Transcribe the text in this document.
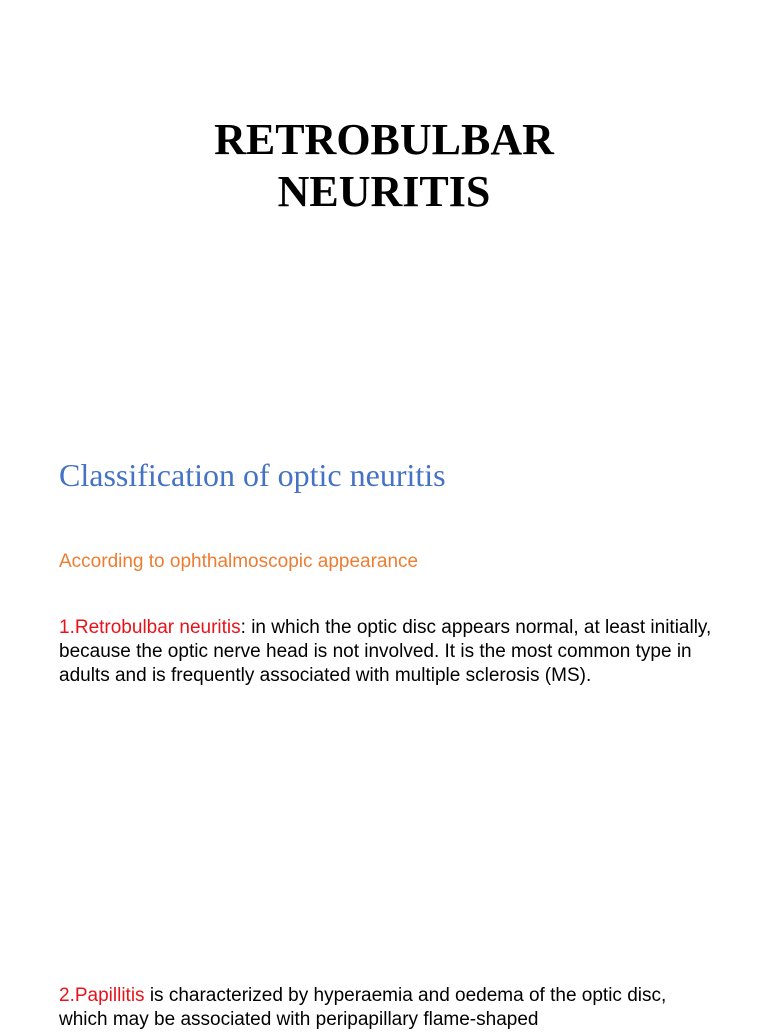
RETROBULBAR
NEURITIS
Classification of optic neuritis

According to ophthalmoscopic appearance

1.Retrobulbar neuritis: in which the optic disc appears normal, at least initially, because the optic nerve head is not involved. It is the most common type in adults and is frequently associated with multiple sclerosis (MS).

2.Papillitis is characterized by hyperaemia and oedema of the optic disc, which may be associated with peripapillary flame-shaped
